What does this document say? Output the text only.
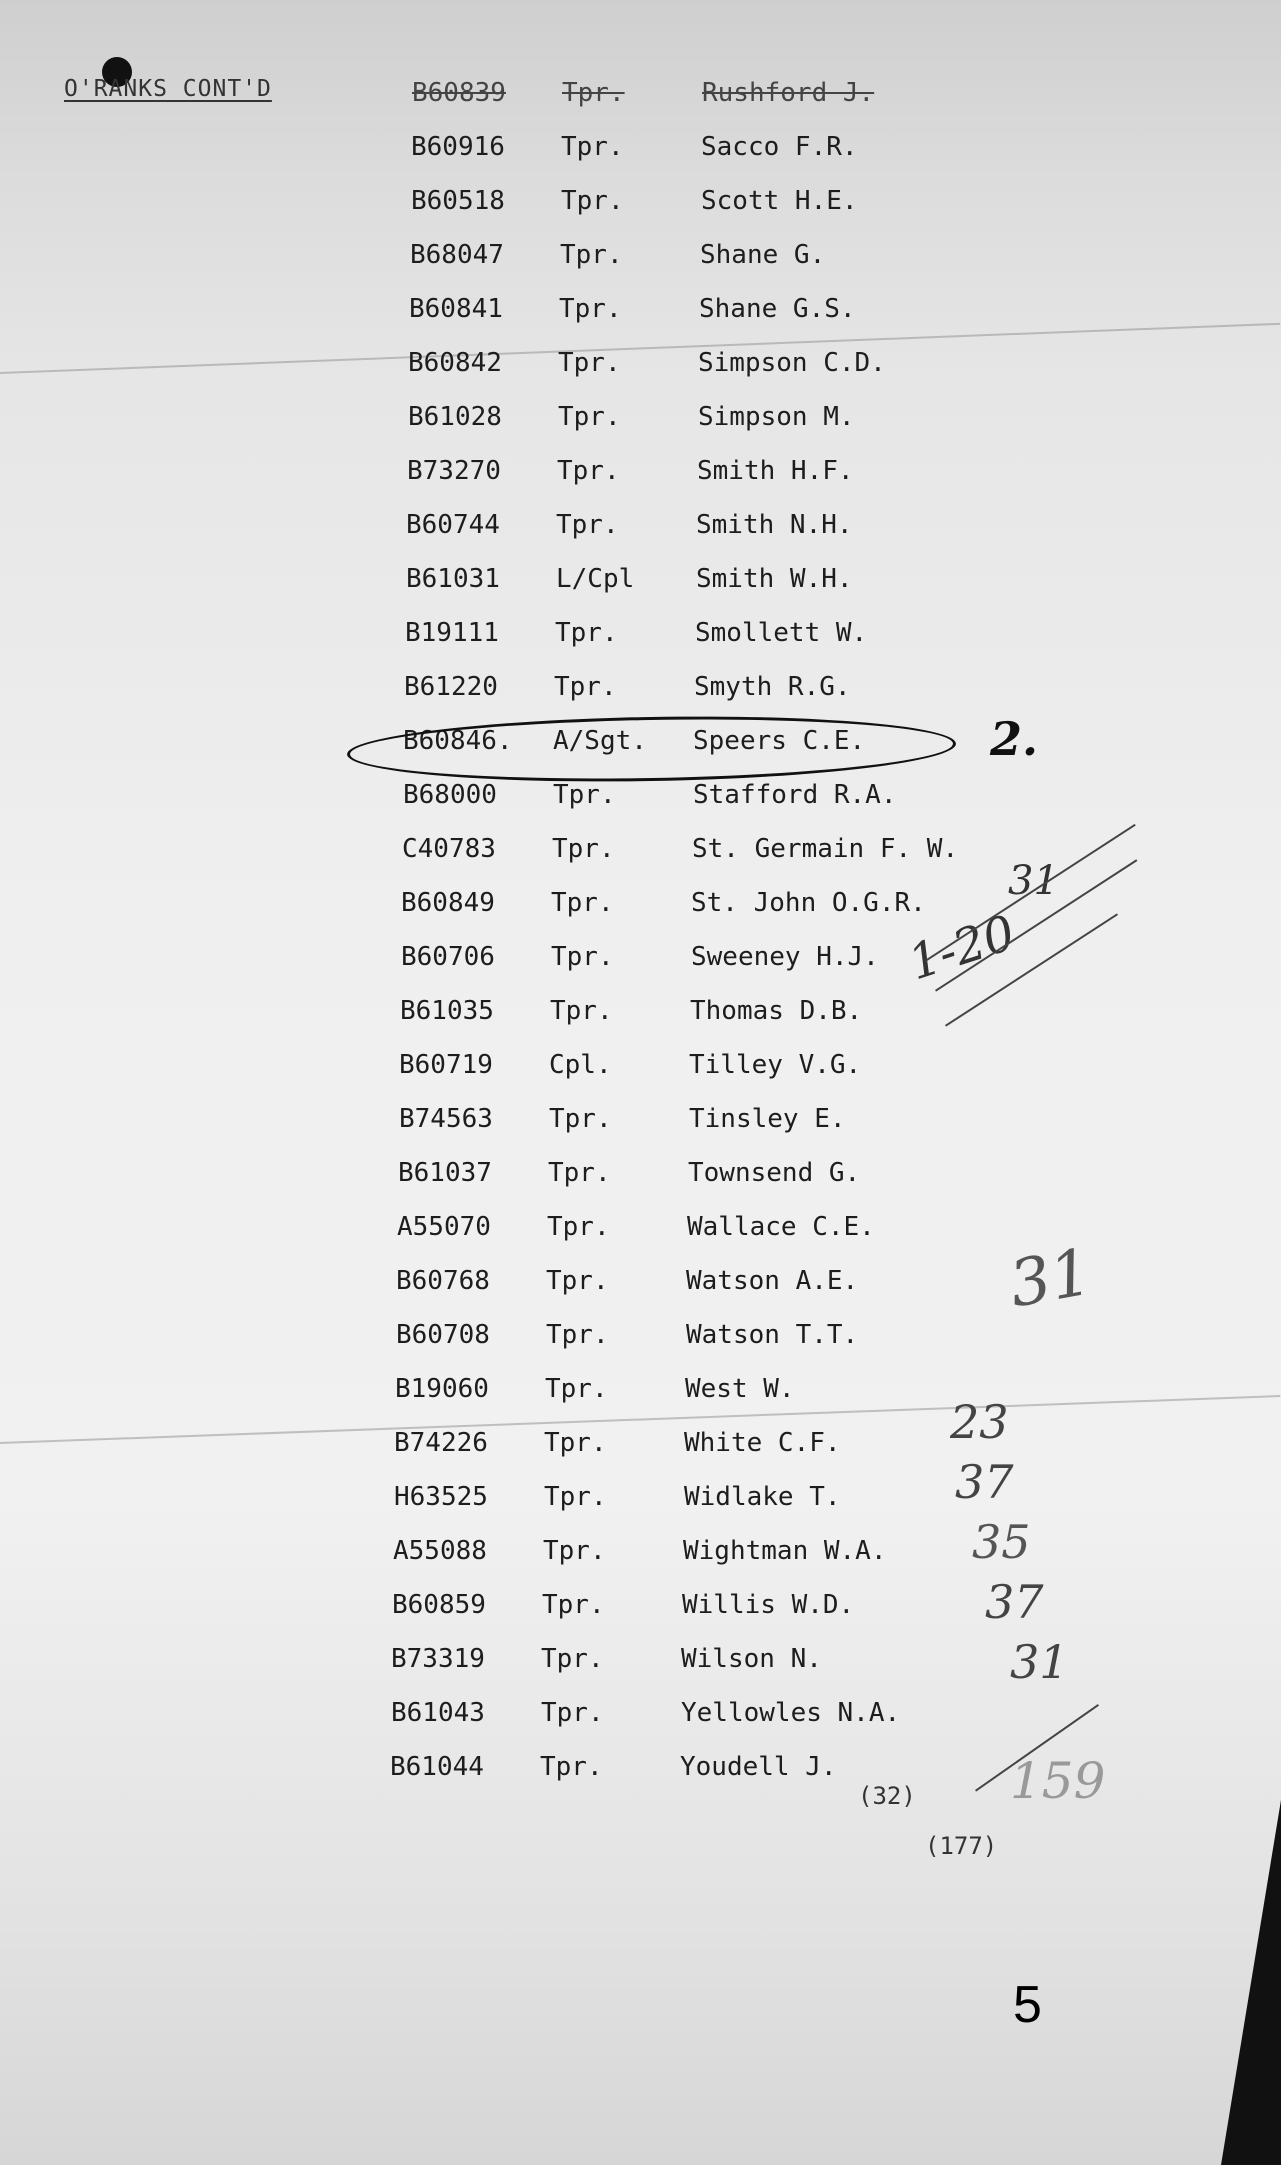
O'RANKS CONT'D	B60839 Tpr.	Rushford J.
B60916 Tpr.	Sacco F.R.
B60518 Tpr.	Scott H.E.
B68047 Tpr.	Shane G.
B60841 Tpr.	Shane G.S.
B60842 Tpr.	Simpson C.D.
B61028 Tpr.	Simpson M.
B73270 Tpr.	Smith H.F.
B60744 Tpr.	Smith N.H.
B61031 L/Cpl Smith W.H.
B19111 Tpr.	Smollett W.
B61220 Tpr.	Smyth R.G.
B60846. A/Sgt. Speers C.E.
B68000 Tpr.	Stafford R.A.
C40783 Tpr.	St. Germain F. W.
B60849 Tpr.	St. John O.G.R.
B60706 Tpr.	Sweeney H.J.
B61035 Tpr.	Thomas D.B.
B60719 Cpl.	Tilley V.G.
B74563 Tpr.	Tinsley E.
B61037 Tpr.	Townsend G.
A55070 Tpr.	Wallace C.E.
B60768 Tpr.	Watson A.E.
B60708 Tpr.	Watson T.T.
B19060 Tpr.	West W.
B74226 Tpr.	White C.F.
H63525 Tpr.	Widlake T.
A55088 Tpr.	Wightman W.A.
B60859 Tpr.	Willis W.D.
B73319 Tpr.	Wilson N.
B61043 Tpr.	Yellowles N.A.
B61044 Tpr.	Youdell J.
2.
31
1-20
31
23
37
35
37
31
159
(32)
(177)
5
